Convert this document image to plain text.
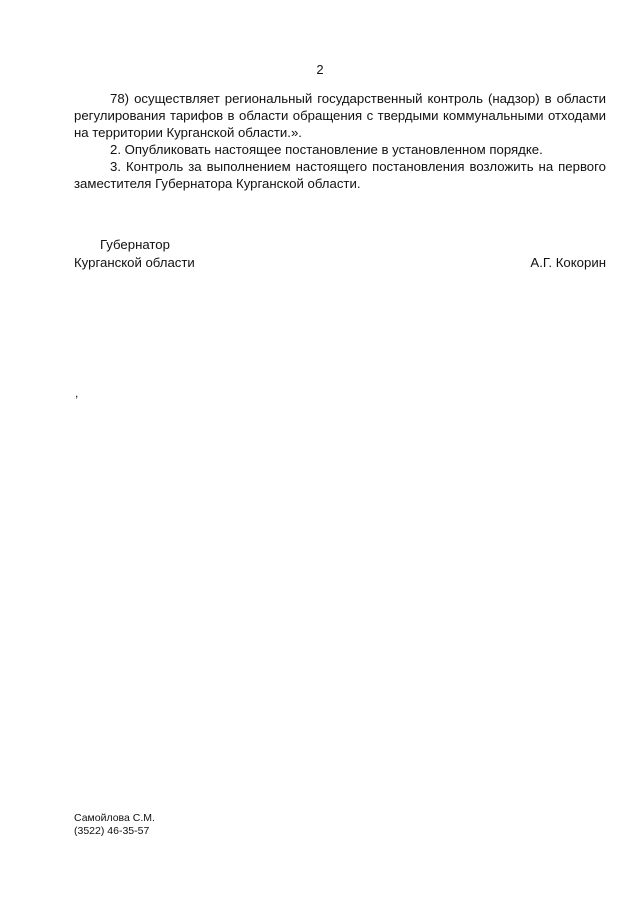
2

78) осуществляет региональный государственный контроль (надзор) в области регулирования тарифов в области обращения с твердыми коммунальными отходами на территории Курганской области.».

2. Опубликовать настоящее постановление в установленном порядке.

3. Контроль за выполнением настоящего постановления возложить на первого заместителя Губернатора Курганской области.

Губернатор
Курганской области	А.Г. Кокорин
,
Самойлова С.М.
(3522) 46-35-57
